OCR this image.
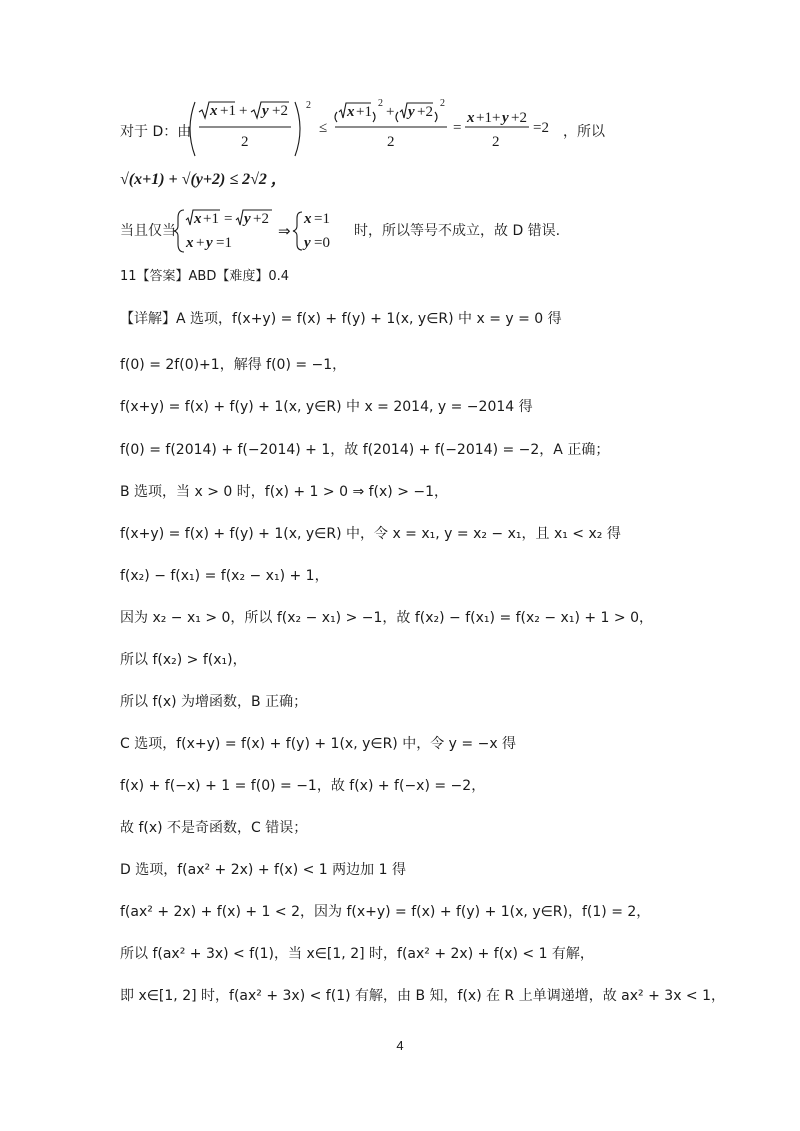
对于 D：由
x +1 + y +2
2
2
≤
x +1
2
+ y +2
2
2
=
x +1+ y +2
2
=2 ，所以
√(x+1) + √(y+2) ≤ 2√2 ，
当且仅当
x +1 = y +2
x + y =1
⇒
x =1
y =0
时，所以等号不成立，故 D 错误.
11【答案】ABD【难度】0.4
【详解】A 选项，f(x+y) = f(x) + f(y) + 1(x, y∈R) 中 x = y = 0 得
f(0) = 2f(0)+1，解得 f(0) = −1，
f(x+y) = f(x) + f(y) + 1(x, y∈R) 中 x = 2014, y = −2014 得
f(0) = f(2014) + f(−2014) + 1，故 f(2014) + f(−2014) = −2，A 正确；
B 选项，当 x > 0 时，f(x) + 1 > 0 ⇒ f(x) > −1，
f(x+y) = f(x) + f(y) + 1(x, y∈R) 中，令 x = x₁, y = x₂ − x₁，且 x₁ < x₂ 得
f(x₂) − f(x₁) = f(x₂ − x₁) + 1，
因为 x₂ − x₁ > 0，所以 f(x₂ − x₁) > −1，故 f(x₂) − f(x₁) = f(x₂ − x₁) + 1 > 0，
所以 f(x₂) > f(x₁)，
所以 f(x) 为增函数，B 正确；
C 选项，f(x+y) = f(x) + f(y) + 1(x, y∈R) 中，令 y = −x 得
f(x) + f(−x) + 1 = f(0) = −1，故 f(x) + f(−x) = −2，
故 f(x) 不是奇函数，C 错误；
D 选项，f(ax² + 2x) + f(x) < 1 两边加 1 得
f(ax² + 2x) + f(x) + 1 < 2，因为 f(x+y) = f(x) + f(y) + 1(x, y∈R)，f(1) = 2，
所以 f(ax² + 3x) < f(1)，当 x∈[1, 2] 时，f(ax² + 2x) + f(x) < 1 有解，
即 x∈[1, 2] 时，f(ax² + 3x) < f(1) 有解，由 B 知，f(x) 在 R 上单调递增，故 ax² + 3x < 1，
4
